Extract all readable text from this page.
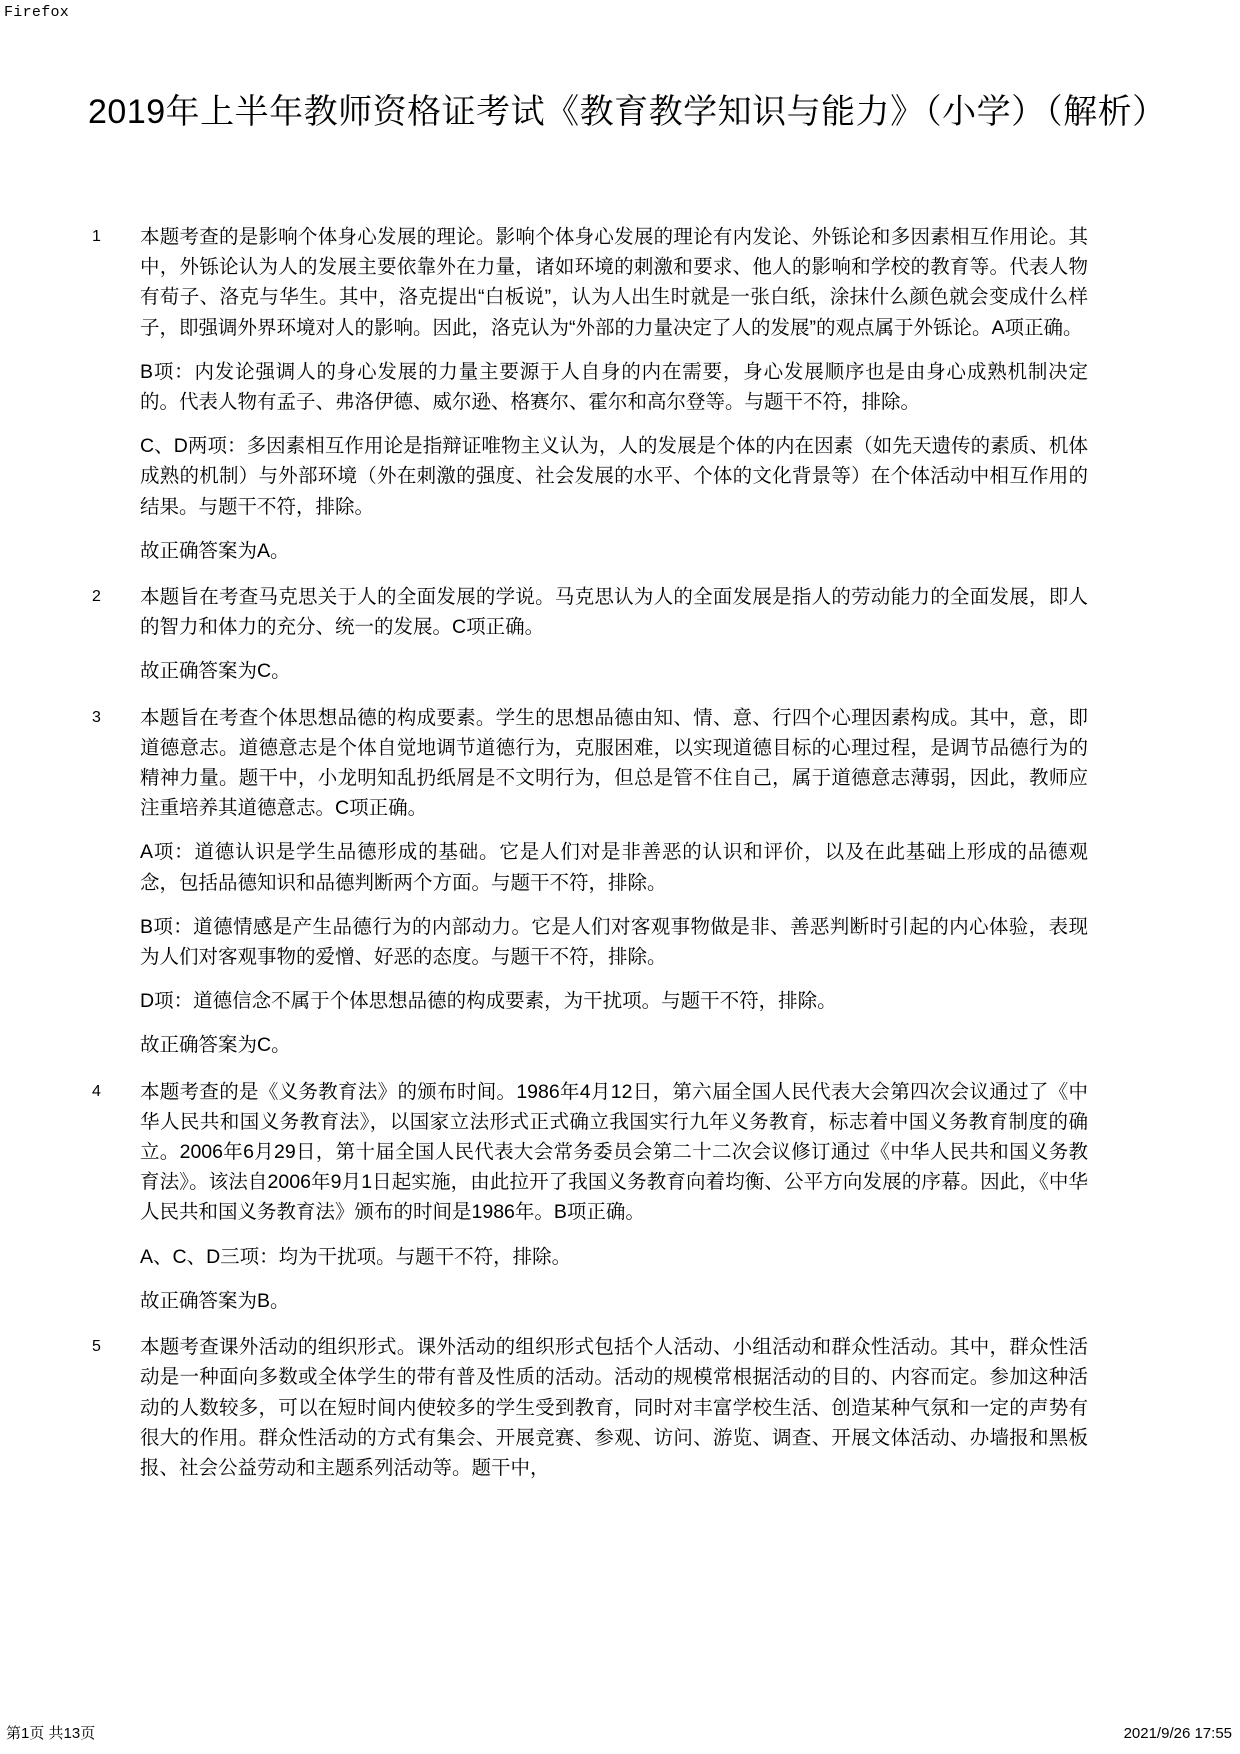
Firefox
2019年上半年教师资格证考试《教育教学知识与能力》（小学）（解析）
1	本题考查的是影响个体身心发展的理论。影响个体身心发展的理论有内发论、外铄论和多因素相互作用论。其中，外铄论认为人的发展主要依靠外在力量，诸如环境的刺激和要求、他人的影响和学校的教育等。代表人物有荀子、洛克与华生。其中，洛克提出“白板说”，认为人出生时就是一张白纸，涂抹什么颜色就会变成什么样子，即强调外界环境对人的影响。因此，洛克认为“外部的力量决定了人的发展”的观点属于外铄论。A项正确。

B项：内发论强调人的身心发展的力量主要源于人自身的内在需要，身心发展顺序也是由身心成熟机制决定的。代表人物有孟子、弗洛伊德、威尔逊、格赛尔、霍尔和高尔登等。与题干不符，排除。

C、D两项：多因素相互作用论是指辩证唯物主义认为，人的发展是个体的内在因素（如先天遗传的素质、机体成熟的机制）与外部环境（外在刺激的强度、社会发展的水平、个体的文化背景等）在个体活动中相互作用的结果。与题干不符，排除。

故正确答案为A。

2	本题旨在考查马克思关于人的全面发展的学说。马克思认为人的全面发展是指人的劳动能力的全面发展，即人的智力和体力的充分、统一的发展。C项正确。

故正确答案为C。

3	本题旨在考查个体思想品德的构成要素。学生的思想品德由知、情、意、行四个心理因素构成。其中，意，即道德意志。道德意志是个体自觉地调节道德行为，克服困难，以实现道德目标的心理过程，是调节品德行为的精神力量。题干中，小龙明知乱扔纸屑是不文明行为，但总是管不住自己，属于道德意志薄弱，因此，教师应注重培养其道德意志。C项正确。

A项：道德认识是学生品德形成的基础。它是人们对是非善恶的认识和评价，以及在此基础上形成的品德观念，包括品德知识和品德判断两个方面。与题干不符，排除。

B项：道德情感是产生品德行为的内部动力。它是人们对客观事物做是非、善恶判断时引起的内心体验，表现为人们对客观事物的爱憎、好恶的态度。与题干不符，排除。

D项：道德信念不属于个体思想品德的构成要素，为干扰项。与题干不符，排除。

故正确答案为C。

4	本题考查的是《义务教育法》的颁布时间。1986年4月12日，第六届全国人民代表大会第四次会议通过了《中华人民共和国义务教育法》，以国家立法形式正式确立我国实行九年义务教育，标志着中国义务教育制度的确立。2006年6月29日，第十届全国人民代表大会常务委员会第二十二次会议修订通过《中华人民共和国义务教育法》。该法自2006年9月1日起实施，由此拉开了我国义务教育向着均衡、公平方向发展的序幕。因此，《中华人民共和国义务教育法》颁布的时间是1986年。B项正确。

A、C、D三项：均为干扰项。与题干不符，排除。

故正确答案为B。

5	本题考查课外活动的组织形式。课外活动的组织形式包括个人活动、小组活动和群众性活动。其中，群众性活动是一种面向多数或全体学生的带有普及性质的活动。活动的规模常根据活动的目的、内容而定。参加这种活动的人数较多，可以在短时间内使较多的学生受到教育，同时对丰富学校生活、创造某种气氛和一定的声势有很大的作用。群众性活动的方式有集会、开展竞赛、参观、访问、游览、调查、开展文体活动、办墙报和黑板报、社会公益劳动和主题系列活动等。题干中，

第1页 共13页	2021/9/26 17:55
